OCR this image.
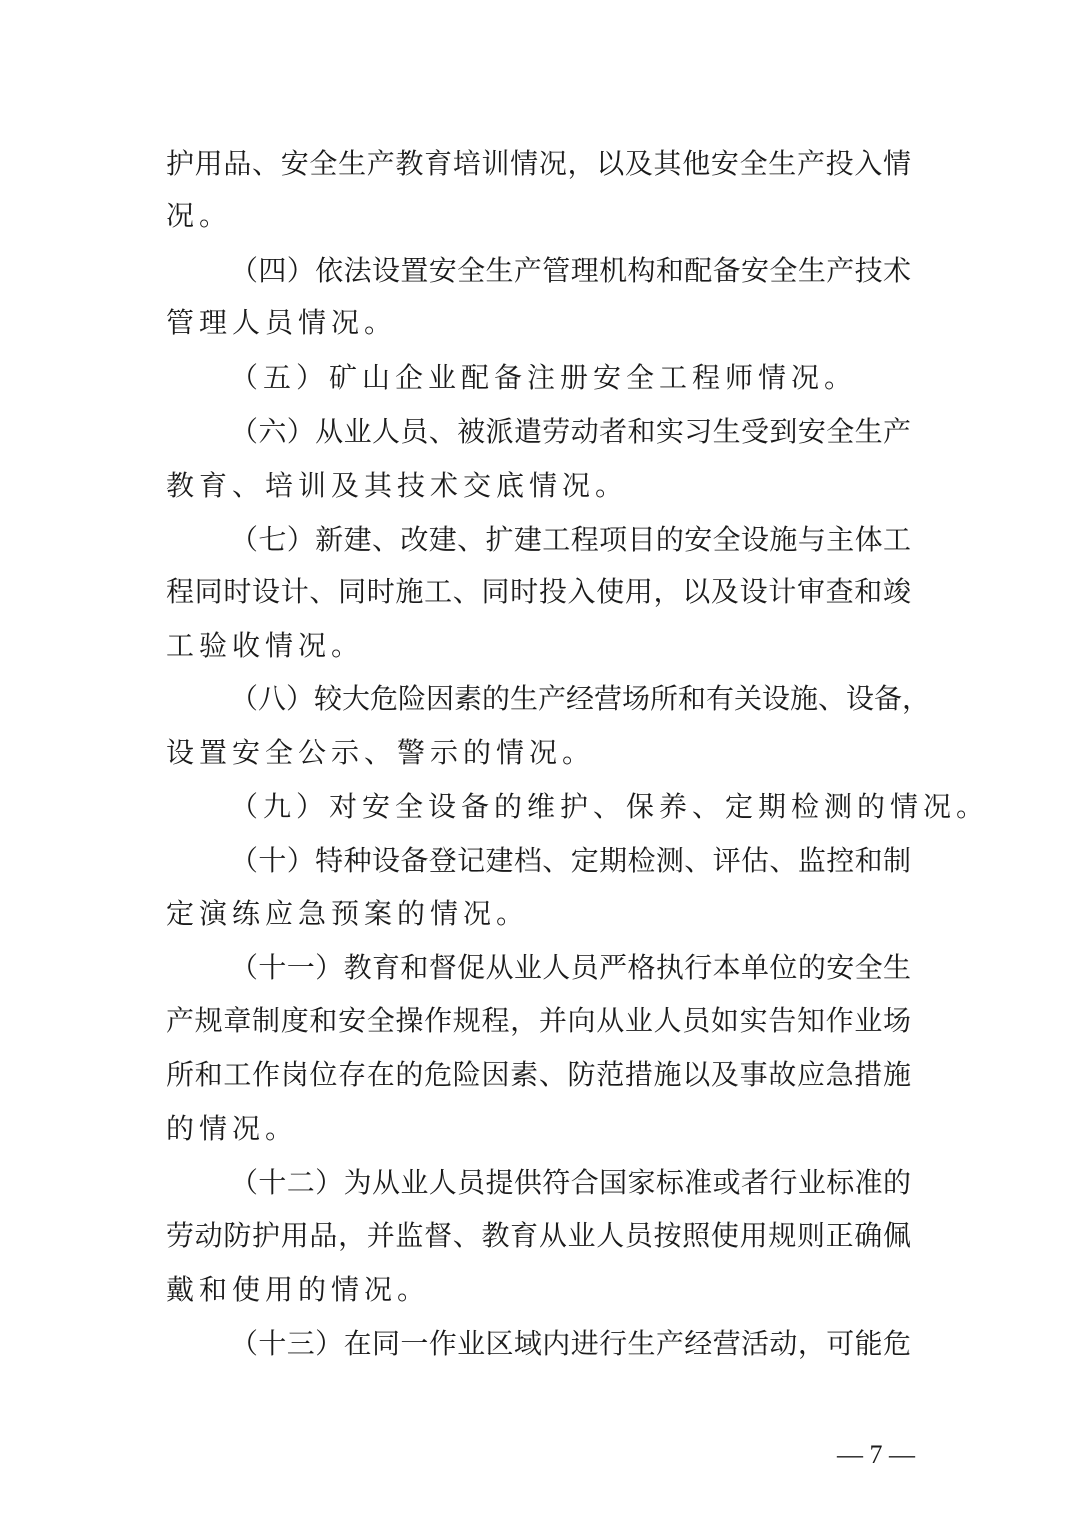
护用品、安全生产教育培训情况，以及其他安全生产投入情
况。
（四）依法设置安全生产管理机构和配备安全生产技术
管理人员情况。
（五）矿山企业配备注册安全工程师情况。
（六）从业人员、被派遣劳动者和实习生受到安全生产
教育、培训及其技术交底情况。
（七）新建、改建、扩建工程项目的安全设施与主体工
程同时设计、同时施工、同时投入使用，以及设计审查和竣
工验收情况。
（八）较大危险因素的生产经营场所和有关设施、设备，
设置安全公示、警示的情况。
（九）对安全设备的维护、保养、定期检测的情况。
（十）特种设备登记建档、定期检测、评估、监控和制
定演练应急预案的情况。
（十一）教育和督促从业人员严格执行本单位的安全生
产规章制度和安全操作规程，并向从业人员如实告知作业场
所和工作岗位存在的危险因素、防范措施以及事故应急措施
的情况。
（十二）为从业人员提供符合国家标准或者行业标准的
劳动防护用品，并监督、教育从业人员按照使用规则正确佩
戴和使用的情况。
（十三）在同一作业区域内进行生产经营活动，可能危
— 7 —
